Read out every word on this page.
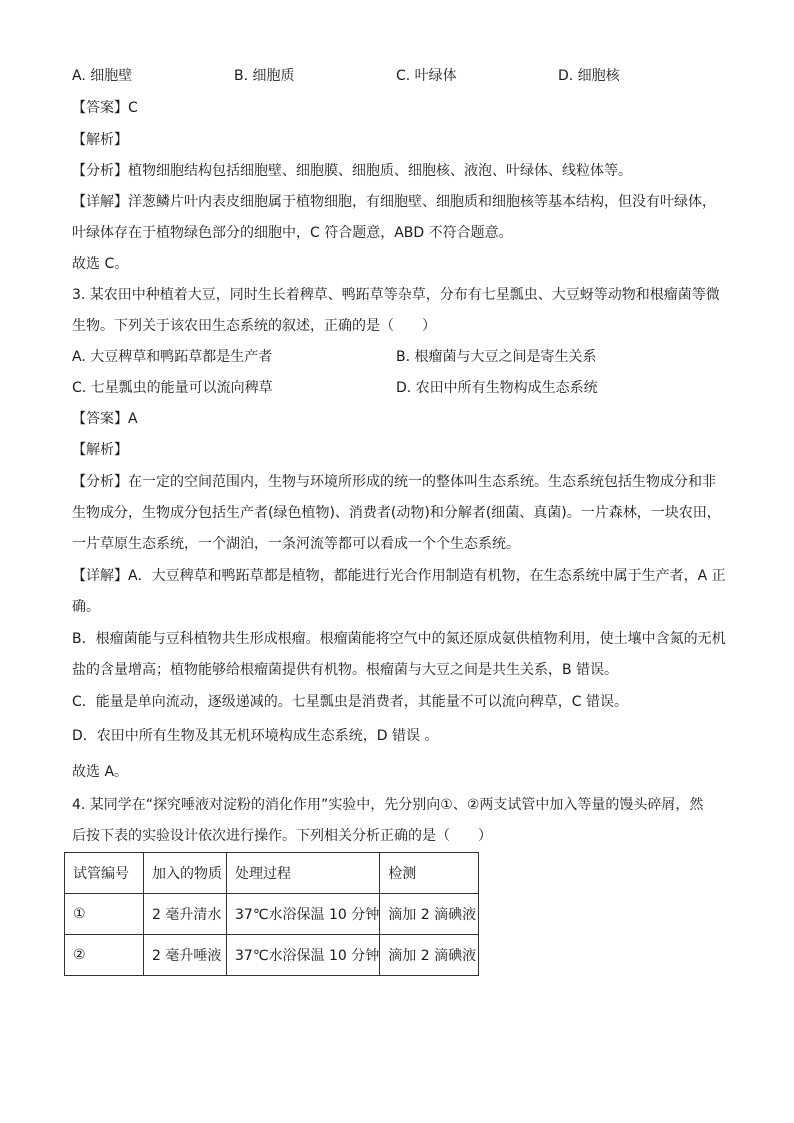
A. 细胞壁	B. 细胞质	C. 叶绿体	D. 细胞核
【答案】C
【解析】
【分析】植物细胞结构包括细胞壁、细胞膜、细胞质、细胞核、液泡、叶绿体、线粒体等。
【详解】洋葱鳞片叶内表皮细胞属于植物细胞，有细胞壁、细胞质和细胞核等基本结构，但没有叶绿体，
叶绿体存在于植物绿色部分的细胞中，C 符合题意，ABD 不符合题意。
故选 C。
3. 某农田中种植着大豆，同时生长着稗草、鸭跖草等杂草，分布有七星瓢虫、大豆蚜等动物和根瘤菌等微
生物。下列关于该农田生态系统的叙述，正确的是（　　）
A. 大豆稗草和鸭跖草都是生产者	B. 根瘤菌与大豆之间是寄生关系
C. 七星瓢虫的能量可以流向稗草	D. 农田中所有生物构成生态系统
【答案】A
【解析】
【分析】在一定的空间范围内，生物与环境所形成的统一的整体叫生态系统。生态系统包括生物成分和非
生物成分，生物成分包括生产者(绿色植物)、消费者(动物)和分解者(细菌、真菌)。一片森林，一块农田，
一片草原生态系统，一个湖泊，一条河流等都可以看成一个个生态系统。
【详解】A．大豆稗草和鸭跖草都是植物，都能进行光合作用制造有机物，在生态系统中属于生产者，A 正
确。
B．根瘤菌能与豆科植物共生形成根瘤。根瘤菌能将空气中的氮还原成氨供植物利用，使土壤中含氮的无机
盐的含量增高；植物能够给根瘤菌提供有机物。根瘤菌与大豆之间是共生关系，B 错误。
C．能量是单向流动，逐级递减的。七星瓢虫是消费者，其能量不可以流向稗草，C 错误。
D．农田中所有生物及其无机环境构成生态系统，D 错误 。
故选 A。
4. 某同学在“探究唾液对淀粉的消化作用”实验中，先分别向①、②两支试管中加入等量的馒头碎屑，然
后按下表的实验设计依次进行操作。下列相关分析正确的是（　　）
试管编号	加入的物质	处理过程	检测
①	2 毫升清水	37℃水浴保温 10 分钟	滴加 2 滴碘液
②	2 毫升唾液	37℃水浴保温 10 分钟	滴加 2 滴碘液
